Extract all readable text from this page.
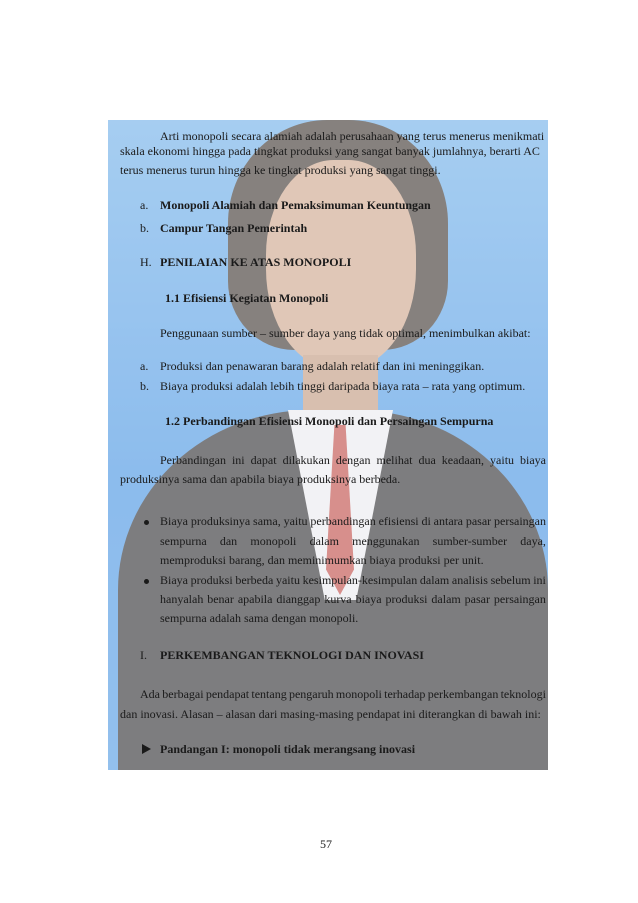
Arti monopoli secara alamiah adalah perusahaan yang terus menerus menikmati
skala ekonomi hingga pada tingkat produksi yang sangat banyak jumlahnya, berarti AC
terus menerus turun hingga ke tingkat produksi yang sangat tinggi.
a. Monopoli Alamiah dan Pemaksimuman Keuntungan
b. Campur Tangan Pemerintah
H. PENILAIAN KE ATAS MONOPOLI
1.1 Efisiensi Kegiatan Monopoli
Penggunaan sumber – sumber daya yang tidak optimal, menimbulkan akibat:
a. Produksi dan penawaran barang adalah relatif dan ini meninggikan.
b. Biaya produksi adalah lebih tinggi daripada biaya rata – rata yang optimum.
1.2 Perbandingan Efisiensi Monopoli dan Persaingan Sempurna
Perbandingan ini dapat dilakukan dengan melihat dua keadaan, yaitu biaya
produksinya sama dan apabila biaya produksinya berbeda.
Biaya produksinya sama, yaitu perbandingan efisiensi di antara pasar persaingan
sempurna dan monopoli dalam menggunakan sumber-sumber daya,
memproduksi barang, dan meminimumkan biaya produksi per unit.
Biaya produksi berbeda yaitu kesimpulan-kesimpulan dalam analisis sebelum ini
hanyalah benar apabila dianggap kurva biaya produksi dalam pasar persaingan
sempurna adalah sama dengan monopoli.
I. PERKEMBANGAN TEKNOLOGI DAN INOVASI
Ada berbagai pendapat tentang pengaruh monopoli terhadap perkembangan teknologi
dan inovasi. Alasan – alasan dari masing-masing pendapat ini diterangkan di bawah ini:
Pandangan I: monopoli tidak merangsang inovasi
57
